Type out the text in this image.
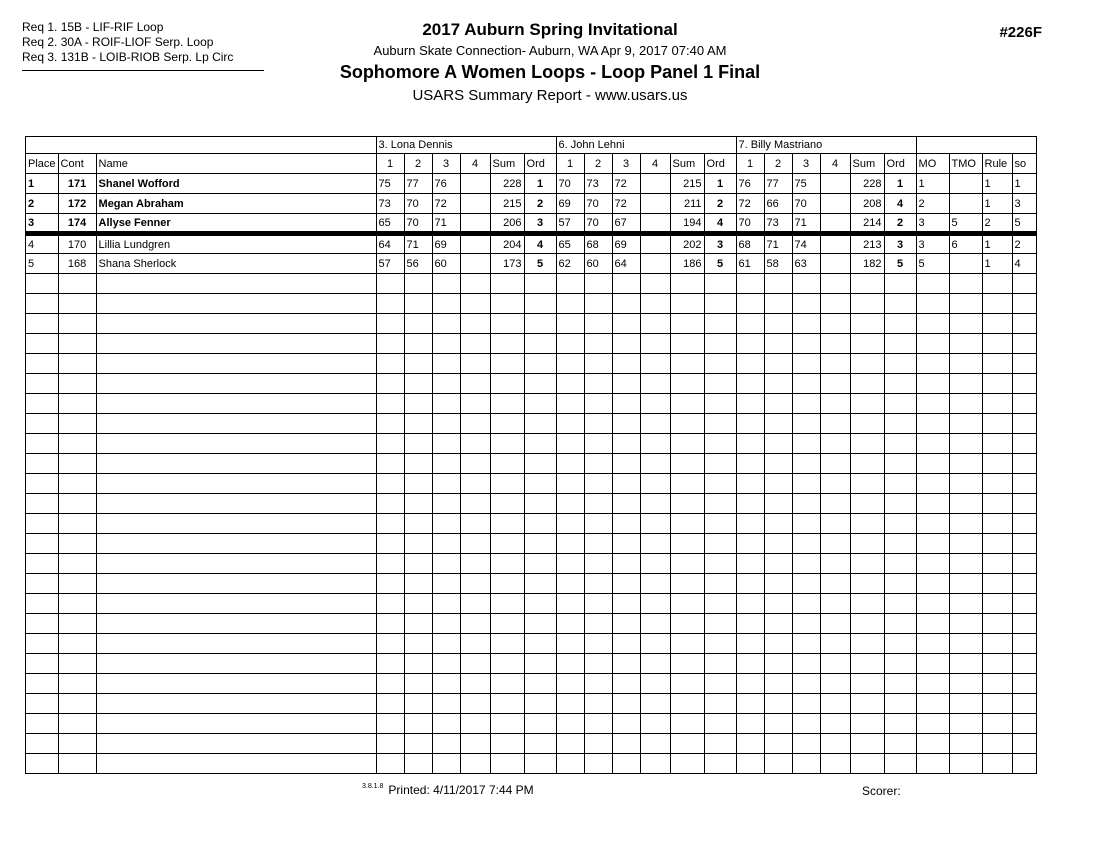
Req 1. 15B - LIF-RIF Loop
Req 2. 30A - ROIF-LIOF Serp. Loop
Req 3. 131B - LOIB-RIOB Serp. Lp Circ
2017 Auburn Spring Invitational
Auburn Skate Connection- Auburn, WA Apr 9, 2017 07:40 AM
Sophomore A Women Loops - Loop Panel 1 Final
USARS Summary Report - www.usars.us
#226F
			3. Lona Dennis						6. John Lehni						7. Billy Mastriano									
Place	Cont	Name	1	2	3	4	Sum	Ord	1	2	3	4	Sum	Ord	1	2	3	4	Sum	Ord	MO	TMO	Rule	so
1	171	Shanel Wofford	75	77	76		228	1	70	73	72		215	1	76	77	75		228	1	1		1	1
2	172	Megan Abraham	73	70	72		215	2	69	70	72		211	2	72	66	70		208	4	2		1	3
3	174	Allyse Fenner	65	70	71		206	3	57	70	67		194	4	70	73	71		214	2	3	5	2	5
4	170	Lillia Lundgren	64	71	69		204	4	65	68	69		202	3	68	71	74		213	3	3	6	1	2
5	168	Shana Sherlock	57	56	60		173	5	62	60	64		186	5	61	58	63		182	5	5		1	4

$^{3.8.1.8}$ Printed: 4/11/2017 7:44 PM	Scorer:
